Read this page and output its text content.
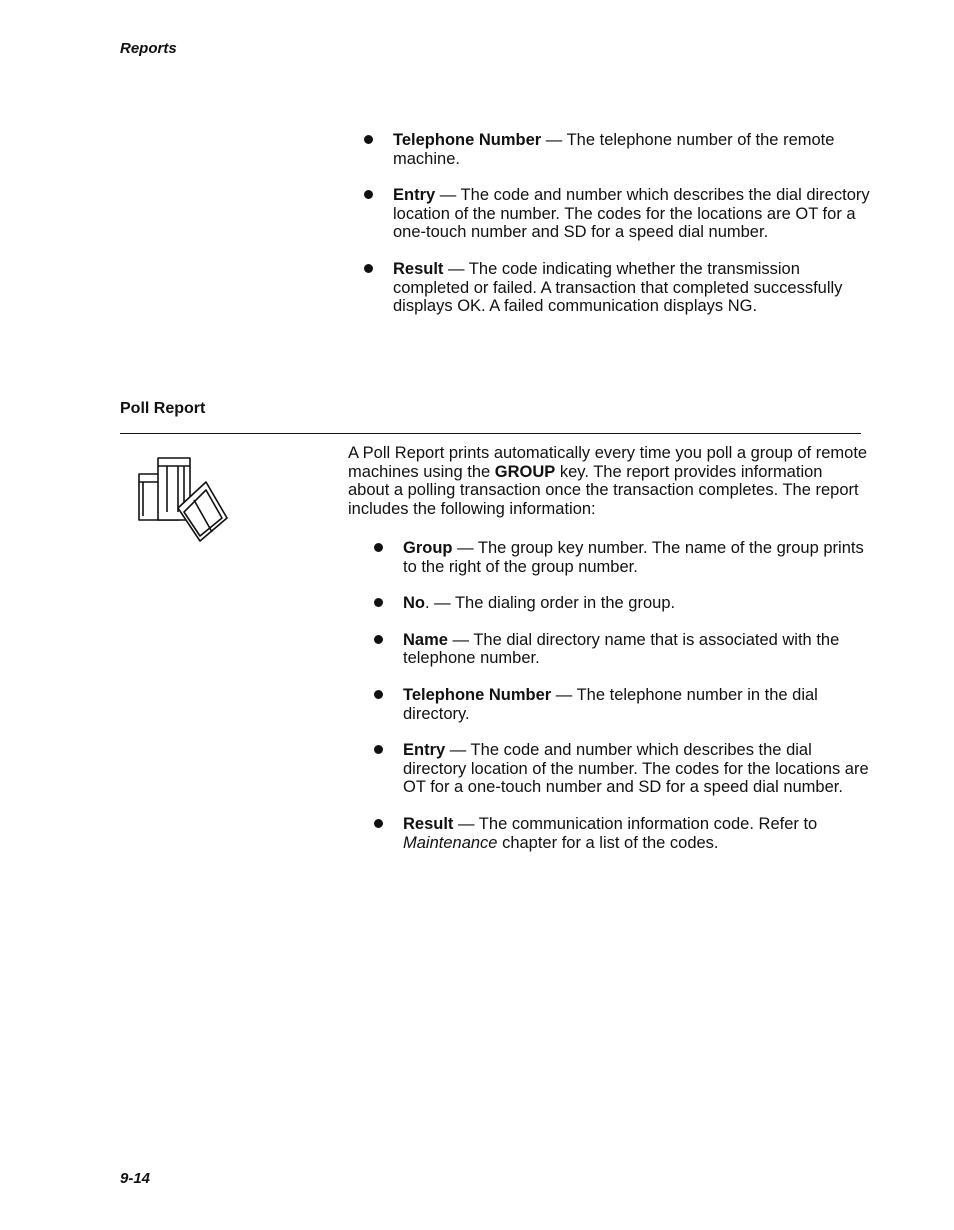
Reports
Telephone Number — The telephone number of the remote machine.
Entry — The code and number which describes the dial directory location of the number. The codes for the locations are OT for a one-touch number and SD for a speed dial number.
Result — The code indicating whether the transmission completed or failed. A transaction that completed successfully displays OK. A failed communication displays NG.
Poll Report

A Poll Report prints automatically every time you poll a group of remote machines using the GROUP key. The report provides information about a polling transaction once the transaction completes. The report includes the following information:

Group — The group key number. The name of the group prints to the right of the group number.
No. — The dialing order in the group.
Name — The dial directory name that is associated with the telephone number.
Telephone Number — The telephone number in the dial directory.
Entry — The code and number which describes the dial directory location of the number. The codes for the locations are OT for a one-touch number and SD for a speed dial number.
Result — The communication information code. Refer to Maintenance chapter for a list of the codes.
9-14
